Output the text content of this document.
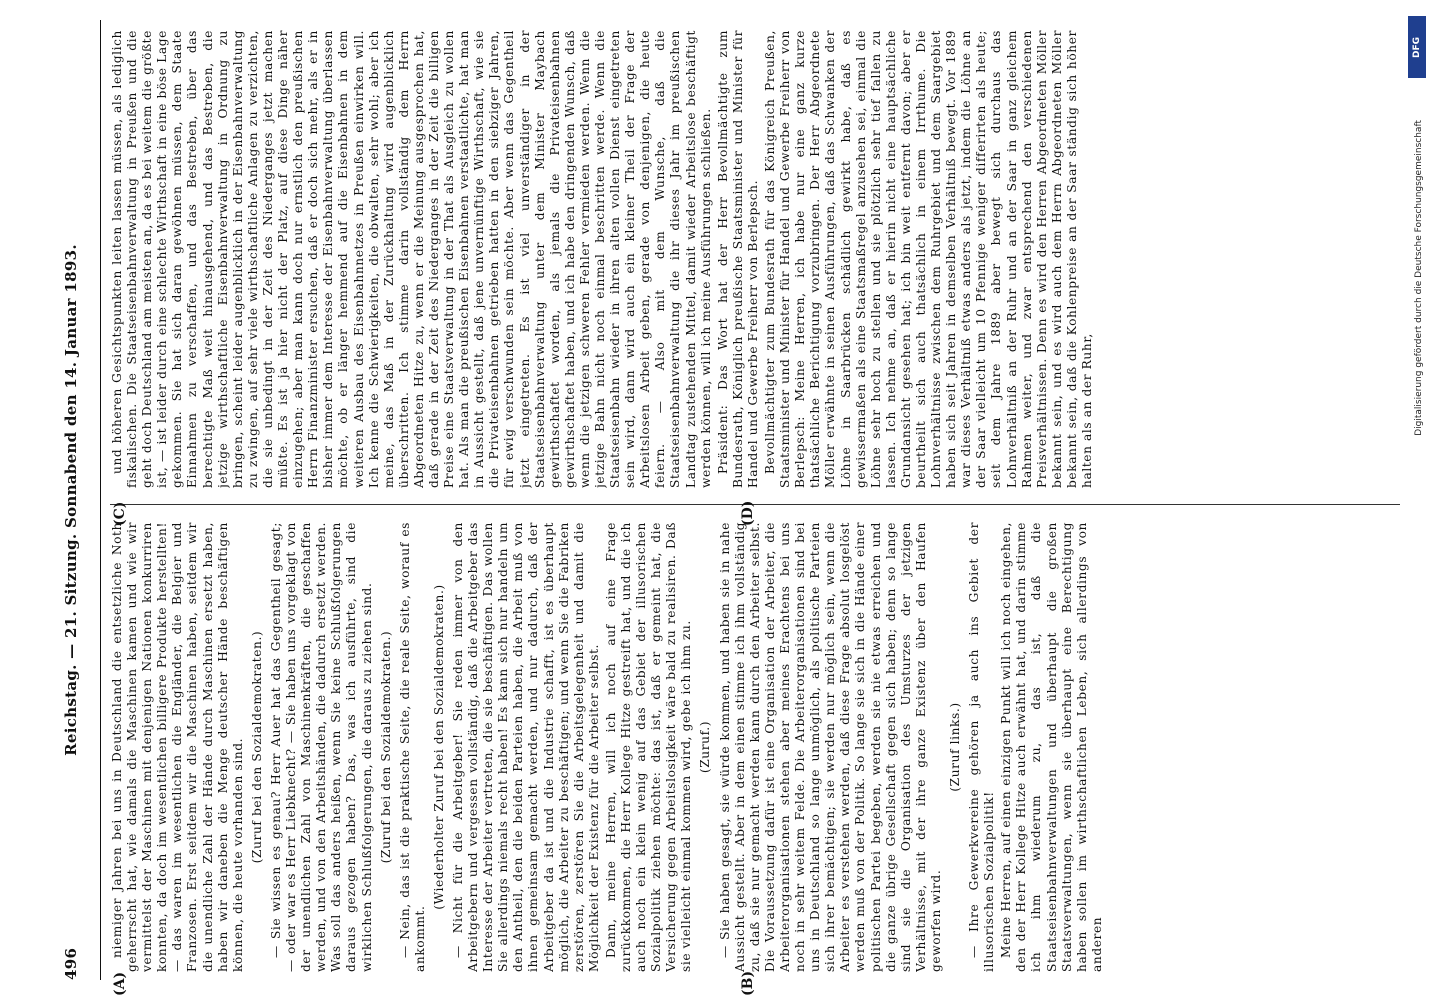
496
Reichstag. — 21. Sitzung. Sonnabend den 14. Januar 1893. niemiger Jahren bei uns in Deutschland die entsetzliche Noth geherrscht hat, wie damals die Maschinen kamen und wie wir vermittelst der Maschinen mit denjenigen Nationen konkurriren konnten, da doch im wesentlichen billigere Produkte herstellten! — das waren im wesentlichen die Engländer, die Belgier und Franzosen. Erst seitdem wir die Maschinen haben, seitdem wir die unendliche Zahl der Hände durch Maschinen ersetzt haben, haben wir daneben die Menge deutscher Hände beschäftigen können, die heute vorhanden sind. (Zuruf bei den Sozialdemokraten.) — Sie wissen es genau? Herr Auer hat das Gegentheil gesagt; — oder war es Herr Liebknecht? — Sie haben uns vorgeklagt von der unendlichen Zahl von Maschinenkräften, die geschaffen werden, und von den Arbeitshänden, die dadurch ersetzt werden. Was soll das anders heißen, wenn Sie keine Schlußfolgerungen daraus gezogen haben? Das, was ich ausführte, sind die wirklichen Schlußfolgerungen, die daraus zu ziehen sind. (Zuruf bei den Sozialdemokraten.) — Nein, das ist die praktische Seite, die reale Seite, worauf es ankommt.

(Wiederholter Zuruf bei den Sozialdemokraten.) — Nicht für die Arbeitgeber! Sie reden immer von den Arbeitgebern und vergessen vollständig, daß die Arbeitgeber das Interesse der Arbeiter vertreten, die sie beschäftigen. Das wollen Sie allerdings niemals recht haben! Es kann sich nur handeln um den Antheil, den die beiden Parteien haben, die Arbeit muß von ihnen gemeinsam gemacht werden, und nur dadurch, daß der Arbeitgeber da ist und die Industrie schafft, ist es überhaupt möglich, die Arbeiter zu beschäftigen; und wenn Sie die Fabriken zerstören, zerstören Sie die Arbeitsgelegenheit und damit die Möglichkeit der Existenz für die Arbeiter selbst. Dann, meine Herren, will ich noch auf eine Frage zurückkommen, die Herr Kollege Hitze gestreift hat, und die ich auch noch ein klein wenig auf das Gebiet der illusorischen Sozialpolitik ziehen möchte: das ist, daß er gemeint hat, die Versicherung gegen Arbeitslosigkeit wäre bald zu realisiren. Daß sie vielleicht einmal kommen wird, gebe ich ihm zu. (Zuruf.) — Sie haben gesagt, sie würde kommen, und haben sie in nahe Aussicht gestellt. Aber in dem einen stimme ich ihm vollständig zu, daß sie nur gemacht werden kann durch den Arbeiter selbst. Die Voraussetzung dafür ist eine Organisation der Arbeiter, die Arbeiterorganisationen stehen aber meines Erachtens bei uns noch in sehr weitem Felde. Die Arbeiterorganisationen sind bei uns in Deutschland so lange unmöglich, als politische Parteien sich ihrer bemächtigen; sie werden nur möglich sein, wenn die Arbeiter es verstehen werden, daß diese Frage absolut losgelöst werden muß von der Politik. So lange sie sich in die Hände einer politischen Partei begeben, werden sie nie etwas erreichen und die ganze übrige Gesellschaft gegen sich haben; denn so lange sind sie die Organisation des Umsturzes der jetzigen Verhältnisse, mit der ihre ganze Existenz über den Haufen geworfen wird.

(Zuruf links.) — Ihre Gewerkvereine gehören ja auch ins Gebiet der illusorischen Sozialpolitik! Meine Herren, auf einen einzigen Punkt will ich noch eingehen, den der Herr Kollege Hitze auch erwähnt hat, und darin stimme ich ihm wiederum zu, das ist, daß die Staatseisenbahnverwaltungen und überhaupt die großen Staatsverwaltungen, wenn sie überhaupt eine Berechtigung haben sollen im wirthschaftlichen Leben, sich allerdings von anderen

und höheren Gesichtspunkten leiten lassen müssen, als lediglich fiskalischen. Die Staatseisenbahnverwaltung in Preußen und die geht doch Deutschland am meisten an, da es bei weitem die größte ist, — ist leider durch eine schlechte Wirthschaft in eine böse Lage gekommen. Sie hat sich daran gewöhnen müssen, dem Staate Einnahmen zu verschaffen, und das Bestreben, über das berechtigte Maß weit hinausgehend, und das Bestreben, die jetzige wirthschaftliche Eisenbahnverwaltung in Ordnung zu bringen, scheint leider augenblicklich in der Eisenbahnverwaltung zu zwingen, auf sehr viele wirthschaftliche Anlagen zu verzichten, die sie unbedingt in der Zeit des Niederganges jetzt machen müßte. Es ist ja hier nicht der Platz, auf diese Dinge näher einzugehen; aber man kann doch nur ernstlich den preußischen Herrn Finanzminister ersuchen, daß er doch sich mehr, als er in bisher immer dem Interesse der Eisenbahnverwaltung überlassen möchte, ob er länger hemmend auf die Eisenbahnen in dem weiteren Ausbau des Eisenbahnnetzes in Preußen einwirken will. Ich kenne die Schwierigkeiten, die obwalten, sehr wohl; aber ich meine, das Maß in der Zurückhaltung wird augenblicklich überschritten. Ich stimme darin vollständig dem Herrn Abgeordneten Hitze zu, wenn er die Meinung ausgesprochen hat, daß gerade in der Zeit des Niederganges in der Zeit die billigen Preise eine Staatsverwaltung in der That als Ausgleich zu wollen hat. Als man die preußischen Eisenbahnen verstaatlichte, hat man in Aussicht gestellt, daß jene unvernünftige Wirthschaft, wie sie die Privateisenbahnen getrieben hatten in den siebziger Jahren, für ewig verschwunden sein möchte. Aber wenn das Gegentheil jetzt eingetreten. Es ist viel unverständiger in der Staatseisenbahnverwaltung unter dem Minister Maybach gewirthschaftet worden, als jemals die Privateisenbahnen gewirthschaftet haben, und ich habe den dringenden Wunsch, daß wenn die jetzigen schweren Fehler vermieden werden. Wenn die jetzige Bahn nicht noch einmal beschritten werde. Wenn die Staatseisenbahn wieder in ihren alten vollen Dienst eingetreten sein wird, dann wird auch ein kleiner Theil der Frage der Arbeitslosen Arbeit geben, gerade von denjenigen, die heute feiern. — Also mit dem Wunsche, daß die Staatseisenbahnverwaltung die ihr dieses Jahr im preußischen Landtag zustehenden Mittel, damit wieder Arbeitslose beschäftigt werden können, will ich meine Ausführungen schließen. Präsident: Das Wort hat der Herr Bevollmächtigte zum Bundesrath, Königlich preußische Staatsminister und Minister für Handel und Gewerbe Freiherr von Berlepsch. Bevollmächtigter zum Bundesrath für das Königreich Preußen, Staatsminister und Minister für Handel und Gewerbe Freiherr von Berlepsch: Meine Herren, ich habe nur eine ganz kurze thatsächliche Berichtigung vorzubringen. Der Herr Abgeordnete Möller erwähnte in seinen Ausführungen, daß das Schwanken der Löhne in Saarbrücken schädlich gewirkt habe, daß es gewissermaßen als eine Staatsmaßregel anzusehen sei, einmal die Löhne sehr hoch zu stellen und sie plötzlich sehr tief fallen zu lassen. Ich nehme an, daß er hierin nicht eine hauptsächliche Grundansicht gesehen hat; ich bin weit entfernt davon; aber er beurtheilt sich auch thatsächlich in einem Irrthume. Die Lohnverhältnisse zwischen dem Ruhrgebiet und dem Saargebiet haben sich seit Jahren in demselben Verhältniß bewegt. Vor 1889 war dieses Verhältniß etwas anders als jetzt, indem die Löhne an der Saar vielleicht um 10 Pfennige weniger differirten als heute; seit dem Jahre 1889 aber bewegt sich durchaus das Lohnverhältniß an der Ruhr und an der Saar in ganz gleichem Rahmen weiter, und zwar entsprechend den verschiedenen Preisverhältnissen. Denn es wird den Herren Abgeordneten Möller bekannt sein, und es wird auch dem Herrn Abgeordneten Möller bekannt sein, daß die Kohlenpreise an der Saar ständig sich höher halten als an der Ruhr,

(A)
(C)
(B)
(D)
DFG
Digitalisierung gefördert durch die Deutsche Forschungsgemeinschaft
